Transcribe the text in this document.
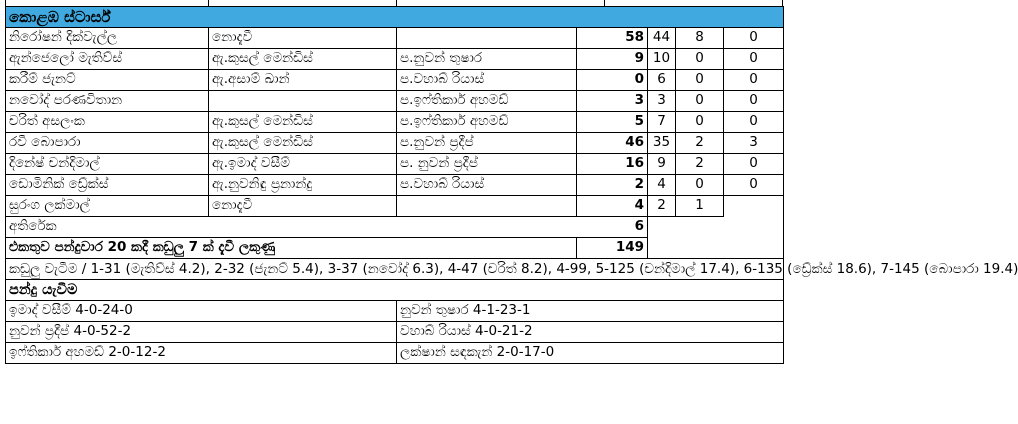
කොළඹ ස්ටාර්ස්						
නිරෝෂන් දික්වැල්ල	නොදැවී		58	44	8	0
ඇන්ජෙලෝ මැතිව්ස්	ඇ.කුසල් මෙන්ඩිස්	ප.නුවන් තුෂාර	9	10	0	0
කරීම් ජැනට්	ඇ.අසාම් ඛාන්	ප.වහාබ් රියාස්	0	6	0	0
නවෝද් පරණවිතාන		ප.ඉෆ්තිකාර් අහමඩ්	3	3	0	0
චරිත් අසලංක	ඇ.කුසල් මෙන්ඩිස්	ප.ඉෆ්තිකාර් අහමඩ්	5	7	0	0
රවී බොපාරා	ඇ.කුසල් මෙන්ඩිස්	ප.නුවන් ප්‍රදීප්	46	35	2	3
දිනේෂ් චන්දිමාල්	ඇ.ඉමාද් වසීම්	ප. නුවන් ප්‍රදීප්	16	9	2	0
ඩොමිනික් ඩ්‍රේක්ස්	ඇ.නුවනිඳු ප්‍රනාන්දු	ප.වහාබ් රියාස්	2	4	0	0
සුරංග ලක්මාල්	නොදැවී		4	2	1	
අතිරේක			6			
එකතුව පන්දුවාර 20 කදී කඩුලු 7 ක් දැවී ලකුණු			149			
කඩුලු වැටීම / 1-31 (මැතිව්ස් 4.2), 2-32 (ජැනට් 5.4), 3-37 (නවෝද් 6.3), 4-47 (චරිත් 8.2), 4-99, 5-125 (චන්දිමාල් 17.4), 6-135 (ඩ්‍රේක්ස් 18.6), 7-145 (බොපාරා 19.4)						
පන්දු යැවීම						
ඉමාද් වසීම් 4-0-24-0		නුවන් තුෂාර 4-1-23-1				
නුවන් ප්‍රදීප් 4-0-52-2		වහාබ් රියාස් 4-0-21-2				
ඉෆ්තිකාර් අහමඩ් 2-0-12-2		ලක්ෂාන් සඳකැන් 2-0-17-0				
